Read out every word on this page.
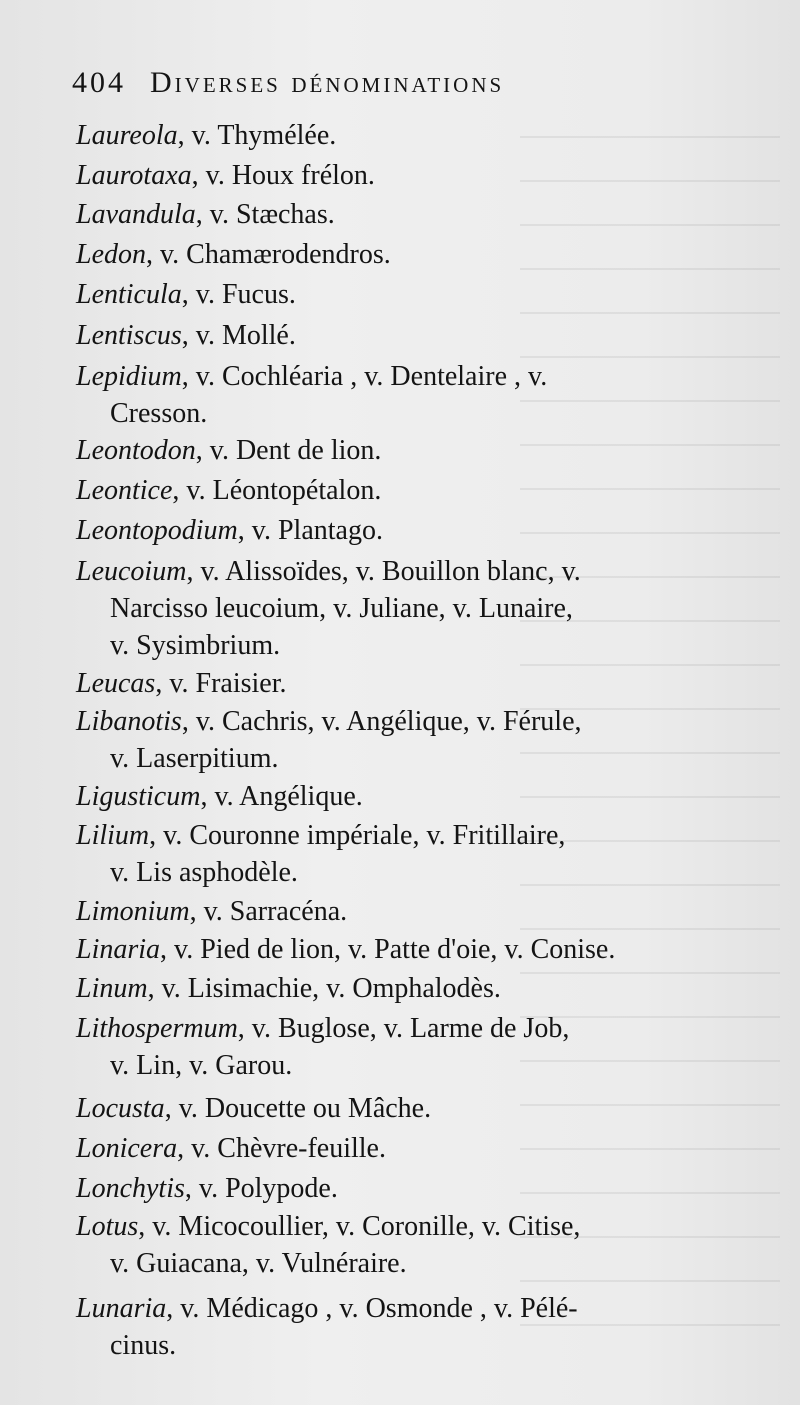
404 Diverses dénominations
Laureola, v. Thymélée.
Laurotaxa, v. Houx frélon.
Lavandula, v. Stæchas.
Ledon, v. Chamærodendros.
Lenticula, v. Fucus.
Lentiscus, v. Mollé.
Lepidium, v. Cochléaria , v. Dentelaire , v.
Cresson.
Leontodon, v. Dent de lion.
Leontice, v. Léontopétalon.
Leontopodium, v. Plantago.
Leucoium, v. Alissoïdes, v. Bouillon blanc, v.
Narcisso leucoium, v. Juliane, v. Lunaire,
v. Sysimbrium.
Leucas, v. Fraisier.
Libanotis, v. Cachris, v. Angélique, v. Férule,
v. Laserpitium.
Ligusticum, v. Angélique.
Lilium, v. Couronne impériale, v. Fritillaire,
v. Lis asphodèle.
Limonium, v. Sarracéna.
Linaria, v. Pied de lion, v. Patte d'oie, v. Conise.
Linum, v. Lisimachie, v. Omphalodès.
Lithospermum, v. Buglose, v. Larme de Job,
v. Lin, v. Garou.
Locusta, v. Doucette ou Mâche.
Lonicera, v. Chèvre-feuille.
Lonchytis, v. Polypode.
Lotus, v. Micocoullier, v. Coronille, v. Citise,
v. Guiacana, v. Vulnéraire.
Lunaria, v. Médicago , v. Osmonde , v. Pélé-
cinus.
